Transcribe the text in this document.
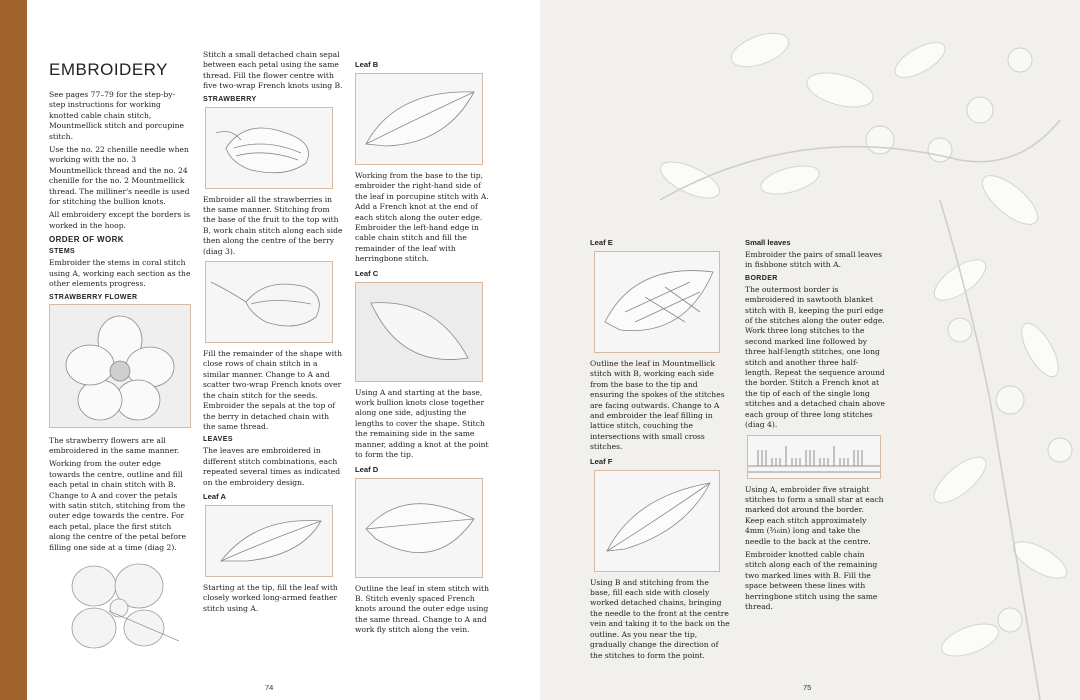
EMBROIDERY

See pages 77–79 for the step-by-step instructions for working knotted cable chain stitch, Mountmellick stitch and porcupine stitch.

Use the no. 22 chenille needle when working with the no. 3 Mountmellick thread and the no. 24 chenille for the no. 2 Mountmellick thread. The milliner's needle is used for stitching the bullion knots.

All embroidery except the borders is worked in the hoop.

ORDER OF WORK
STEMS

Embroider the stems in coral stitch using A, working each section as the other elements progress.

STRAWBERRY FLOWER

The strawberry flowers are all embroidered in the same manner.

Working from the outer edge towards the centre, outline and fill each petal in chain stitch with B. Change to A and cover the petals with satin stitch, stitching from the outer edge towards the centre. For each petal, place the first stitch along the centre of the petal before filling one side at a time (diag 2).

Stitch a small detached chain sepal between each petal using the same thread. Fill the flower centre with five two-wrap French knots using B.

STRAWBERRY

Embroider all the strawberries in the same manner. Stitching from the base of the fruit to the top with B, work chain stitch along each side then along the centre of the berry (diag 3).

Fill the remainder of the shape with close rows of chain stitch in a similar manner. Change to A and scatter two-wrap French knots over the chain stitch for the seeds. Embroider the sepals at the top of the berry in detached chain with the same thread.

LEAVES

The leaves are embroidered in different stitch combinations, each repeated several times as indicated on the embroidery design.

Leaf A

Starting at the tip, fill the leaf with closely worked long-armed feather stitch using A.

Leaf B

Working from the base to the tip, embroider the right-hand side of the leaf in porcupine stitch with A. Add a French knot at the end of each stitch along the outer edge. Embroider the left-hand edge in cable chain stitch and fill the remainder of the leaf with herringbone stitch.

Leaf C

Using A and starting at the base, work bullion knots close together along one side, adjusting the lengths to cover the shape. Stitch the remaining side in the same manner, adding a knot at the point to form the tip.

Leaf D

Outline the leaf in stem stitch with B. Stitch evenly spaced French knots around the outer edge using the same thread. Change to A and work fly stitch along the vein.

74
Leaf E

Outline the leaf in Mountmellick stitch with B, working each side from the base to the tip and ensuring the spokes of the stitches are facing outwards. Change to A and embroider the leaf filling in lattice stitch, couching the intersections with small cross stitches.

Leaf F

Using B and stitching from the base, fill each side with closely worked detached chains, bringing the needle to the front at the centre vein and taking it to the back on the outline. As you near the tip, gradually change the direction of the stitches to form the point.

Small leaves

Embroider the pairs of small leaves in fishbone stitch with A.

BORDER

The outermost border is embroidered in sawtooth blanket stitch with B, keeping the purl edge of the stitches along the outer edge. Work three long stitches to the second marked line followed by three half-length stitches, one long stitch and another three half-length. Repeat the sequence around the border. Stitch a French knot at the tip of each of the single long stitches and a detached chain above each group of three long stitches (diag 4).

Using A, embroider five straight stitches to form a small star at each marked dot around the border. Keep each stitch approximately 4mm (³⁄₁₆in) long and take the needle to the back at the centre.

Embroider knotted cable chain stitch along each of the remaining two marked lines with B. Fill the space between these lines with herringbone stitch using the same thread.

75
